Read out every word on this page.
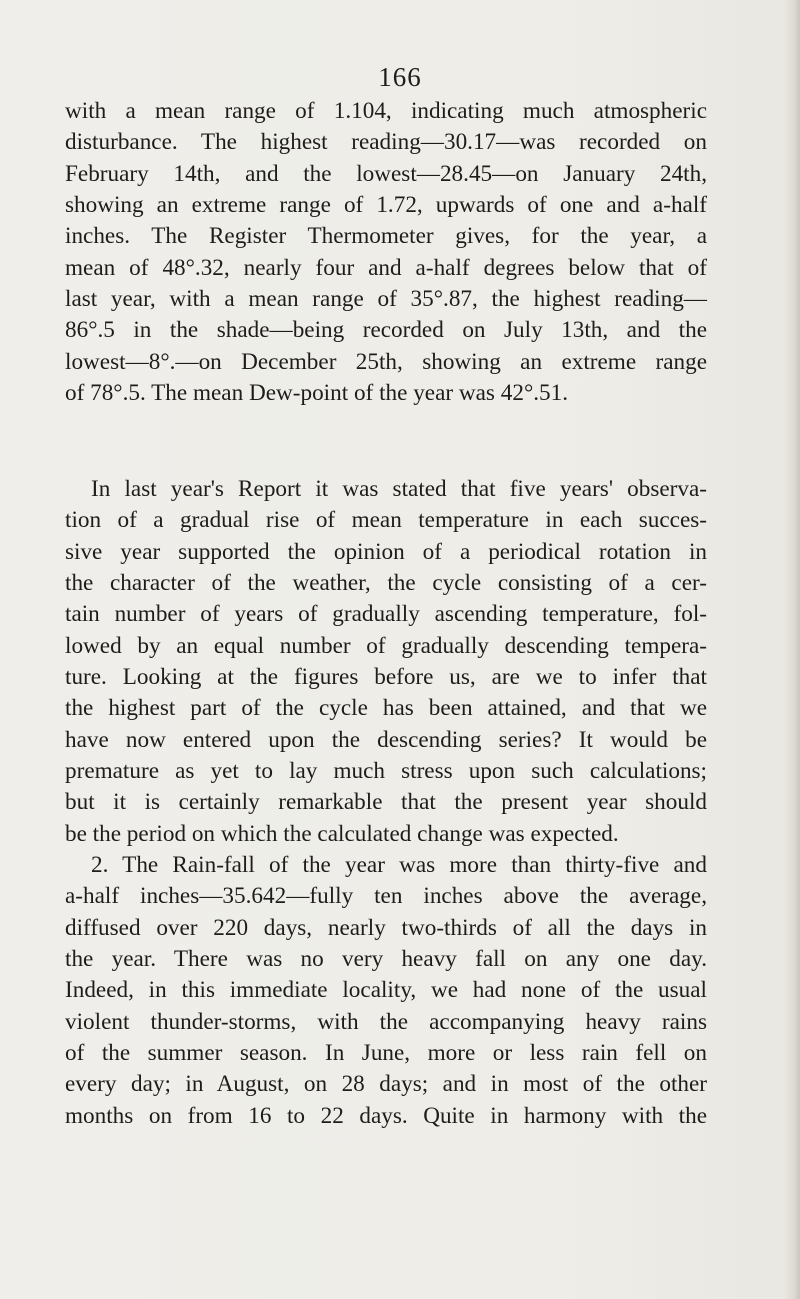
166
with a mean range of 1.104, indicating much atmospheric
disturbance. The highest reading—30.17—was recorded on
February 14th, and the lowest—28.45—on January 24th,
showing an extreme range of 1.72, upwards of one and a-half
inches. The Register Thermometer gives, for the year, a
mean of 48°.32, nearly four and a-half degrees below that of
last year, with a mean range of 35°.87, the highest reading—
86°.5 in the shade—being recorded on July 13th, and the
lowest—8°.—on December 25th, showing an extreme range
of 78°.5. The mean Dew-point of the year was 42°.51.
In last year's Report it was stated that five years' observa-
tion of a gradual rise of mean temperature in each succes-
sive year supported the opinion of a periodical rotation in
the character of the weather, the cycle consisting of a cer-
tain number of years of gradually ascending temperature, fol-
lowed by an equal number of gradually descending tempera-
ture. Looking at the figures before us, are we to infer that
the highest part of the cycle has been attained, and that we
have now entered upon the descending series? It would be
premature as yet to lay much stress upon such calculations;
but it is certainly remarkable that the present year should
be the period on which the calculated change was expected.
2. The Rain-fall of the year was more than thirty-five and
a-half inches—35.642—fully ten inches above the average,
diffused over 220 days, nearly two-thirds of all the days in
the year. There was no very heavy fall on any one day.
Indeed, in this immediate locality, we had none of the usual
violent thunder-storms, with the accompanying heavy rains
of the summer season. In June, more or less rain fell on
every day; in August, on 28 days; and in most of the other
months on from 16 to 22 days. Quite in harmony with the
